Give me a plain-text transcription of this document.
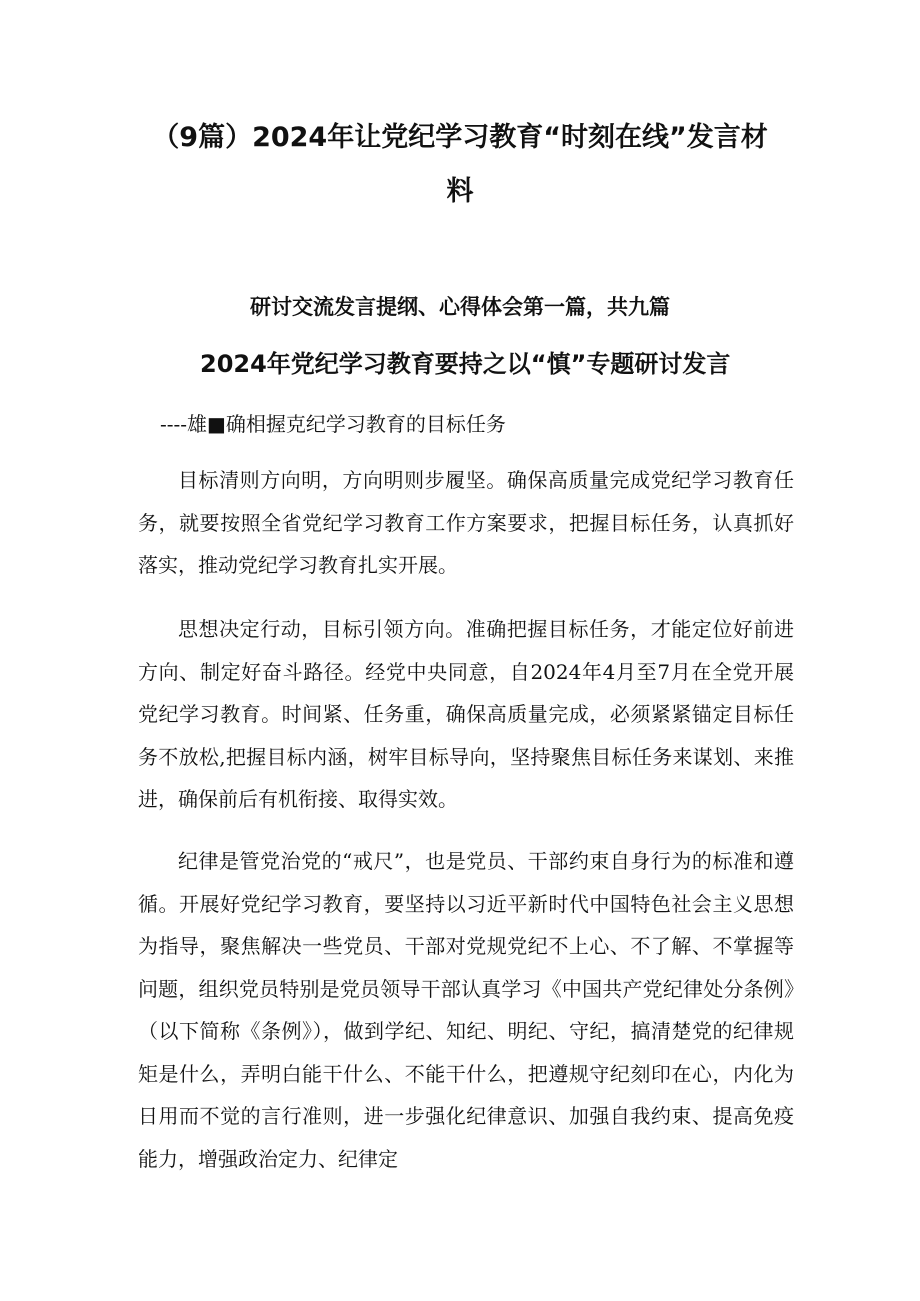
（9篇）2024年让党纪学习教育“时刻在线”发言材
料
研讨交流发言提纲、心得体会第一篇，共九篇
2024年党纪学习教育要持之以“慎”专题研讨发言

----雄■确相握克纪学习教育的目标任务

目标清则方向明，方向明则步履坚。确保高质量完成党纪学习教育任务，就要按照全省党纪学习教育工作方案要求，把握目标任务，认真抓好落实，推动党纪学习教育扎实开展。

思想决定行动，目标引领方向。准确把握目标任务，才能定位好前进方向、制定好奋斗路径。经党中央同意，自2024年4月至7月在全党开展党纪学习教育。时间紧、任务重，确保高质量完成，必须紧紧锚定目标任务不放松,把握目标内涵，树牢目标导向，坚持聚焦目标任务来谋划、来推进，确保前后有机衔接、取得实效。

纪律是管党治党的“戒尺”，也是党员、干部约束自身行为的标准和遵循。开展好党纪学习教育，要坚持以习近平新时代中国特色社会主义思想为指导，聚焦解决一些党员、干部对党规党纪不上心、不了解、不掌握等问题，组织党员特别是党员领导干部认真学习《中国共产党纪律处分条例》（以下简称《条例》），做到学纪、知纪、明纪、守纪，搞清楚党的纪律规矩是什么，弄明白能干什么、不能干什么，把遵规守纪刻印在心，内化为日用而不觉的言行准则，进一步强化纪律意识、加强自我约束、提高免疫能力，增强政治定力、纪律定
